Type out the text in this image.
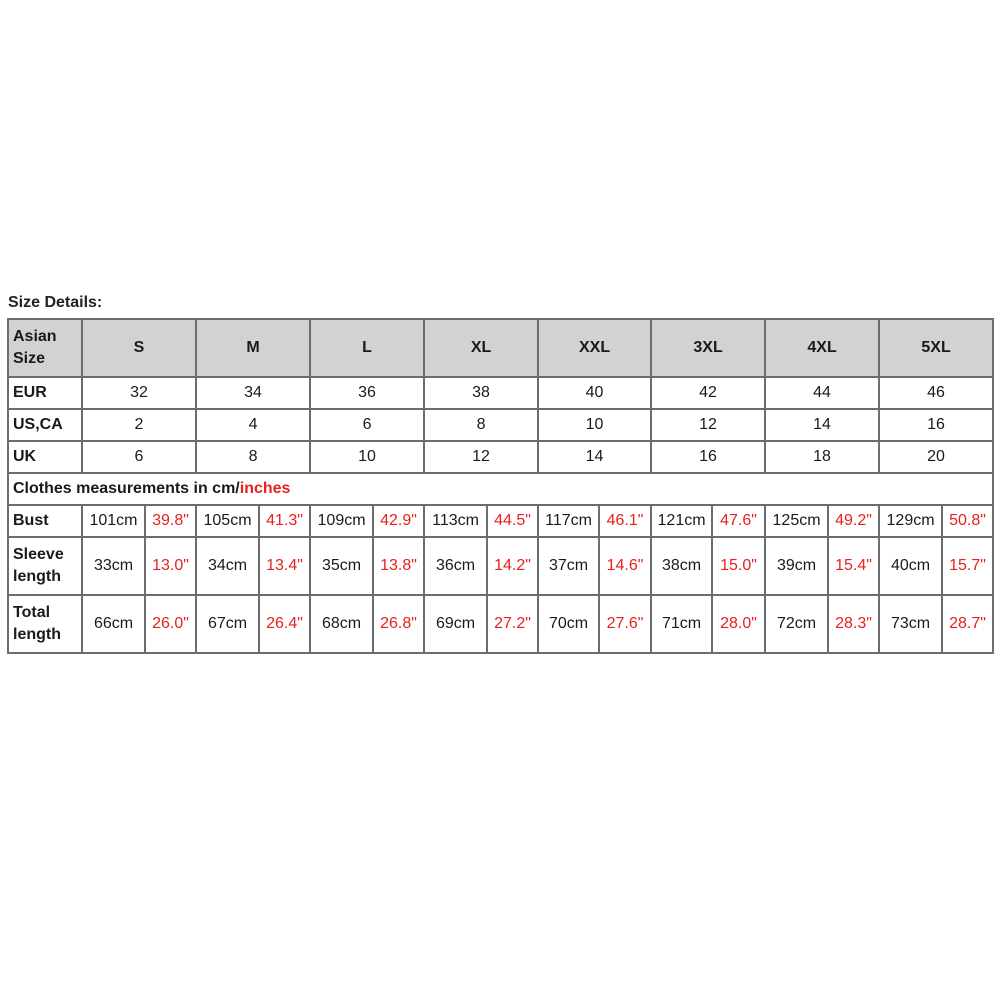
Size Details:
Asian Size	S		M		L		XL		XXL		3XL		4XL		5XL	
EUR	32		34		36		38		40		42		44		46	
US,CA	2		4		6		8		10		12		14		16	
UK	6		8		10		12		14		16		18		20	
Clothes measurements in cm/inches																
Bust	101cm	39.8"	105cm	41.3"	109cm	42.9"	113cm	44.5"	117cm	46.1"	121cm	47.6"	125cm	49.2"	129cm	50.8"
Sleeve length	33cm	13.0"	34cm	13.4"	35cm	13.8"	36cm	14.2"	37cm	14.6"	38cm	15.0"	39cm	15.4"	40cm	15.7"
Total length	66cm	26.0"	67cm	26.4"	68cm	26.8"	69cm	27.2"	70cm	27.6"	71cm	28.0"	72cm	28.3"	73cm	28.7"
